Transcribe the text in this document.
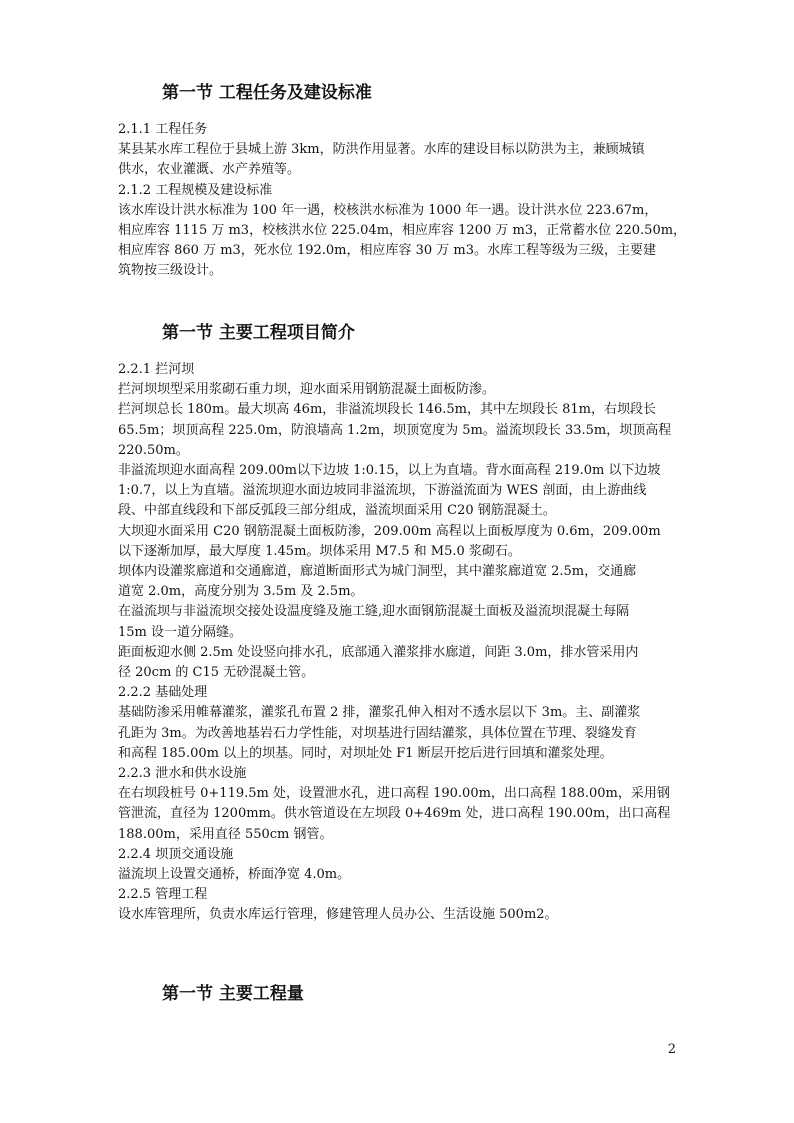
第一节 工程任务及建设标准

2.1.1 工程任务

某县某水库工程位于县城上游 3km，防洪作用显著。水库的建设目标以防洪为主，兼顾城镇

供水，农业灌溉、水产养殖等。

2.1.2 工程规模及建设标准

该水库设计洪水标准为 100 年一遇，校核洪水标准为 1000 年一遇。设计洪水位 223.67m，

相应库容 1115 万 m3，校核洪水位 225.04m，相应库容 1200 万 m3，正常蓄水位 220.50m，

相应库容 860 万 m3，死水位 192.0m，相应库容 30 万 m3。水库工程等级为三级，主要建

筑物按三级设计。

第一节 主要工程项目简介

2.2.1 拦河坝

拦河坝坝型采用浆砌石重力坝，迎水面采用钢筋混凝土面板防渗。

拦河坝总长 180m。最大坝高 46m，非溢流坝段长 146.5m，其中左坝段长 81m，右坝段长

65.5m；坝顶高程 225.0m，防浪墙高 1.2m，坝顶宽度为 5m。溢流坝段长 33.5m，坝顶高程

220.50m。

非溢流坝迎水面高程 209.00m以下边坡 1:0.15，以上为直墙。背水面高程 219.0m 以下边坡

1:0.7，以上为直墙。溢流坝迎水面边坡同非溢流坝，下游溢流面为 WES 剖面，由上游曲线

段、中部直线段和下部反弧段三部分组成，溢流坝面采用 C20 钢筋混凝土。

大坝迎水面采用 C20 钢筋混凝土面板防渗，209.00m 高程以上面板厚度为 0.6m，209.00m

以下逐渐加厚，最大厚度 1.45m。坝体采用 M7.5 和 M5.0 浆砌石。

坝体内设灌浆廊道和交通廊道，廊道断面形式为城门洞型，其中灌浆廊道宽 2.5m，交通廊

道宽 2.0m，高度分别为 3.5m 及 2.5m。

在溢流坝与非溢流坝交接处设温度缝及施工缝,迎水面钢筋混凝土面板及溢流坝混凝土每隔

15m 设一道分隔缝。

距面板迎水侧 2.5m 处设竖向排水孔，底部通入灌浆排水廊道，间距 3.0m，排水管采用内

径 20cm 的 C15 无砂混凝土管。

2.2.2 基础处理

基础防渗采用帷幕灌浆，灌浆孔布置 2 排，灌浆孔伸入相对不透水层以下 3m。主、副灌浆

孔距为 3m。为改善地基岩石力学性能，对坝基进行固结灌浆，具体位置在节理、裂缝发育

和高程 185.00m 以上的坝基。同时，对坝址处 F1 断层开挖后进行回填和灌浆处理。

2.2.3 泄水和供水设施

在右坝段桩号 0+119.5m 处，设置泄水孔，进口高程 190.00m，出口高程 188.00m，采用钢

管泄流，直径为 1200mm。供水管道设在左坝段 0+469m 处，进口高程 190.00m，出口高程

188.00m，采用直径 550cm 钢管。

2.2.4 坝顶交通设施

溢流坝上设置交通桥，桥面净宽 4.0m。

2.2.5 管理工程

设水库管理所，负责水库运行管理，修建管理人员办公、生活设施 500m2。

第一节 主要工程量

2
